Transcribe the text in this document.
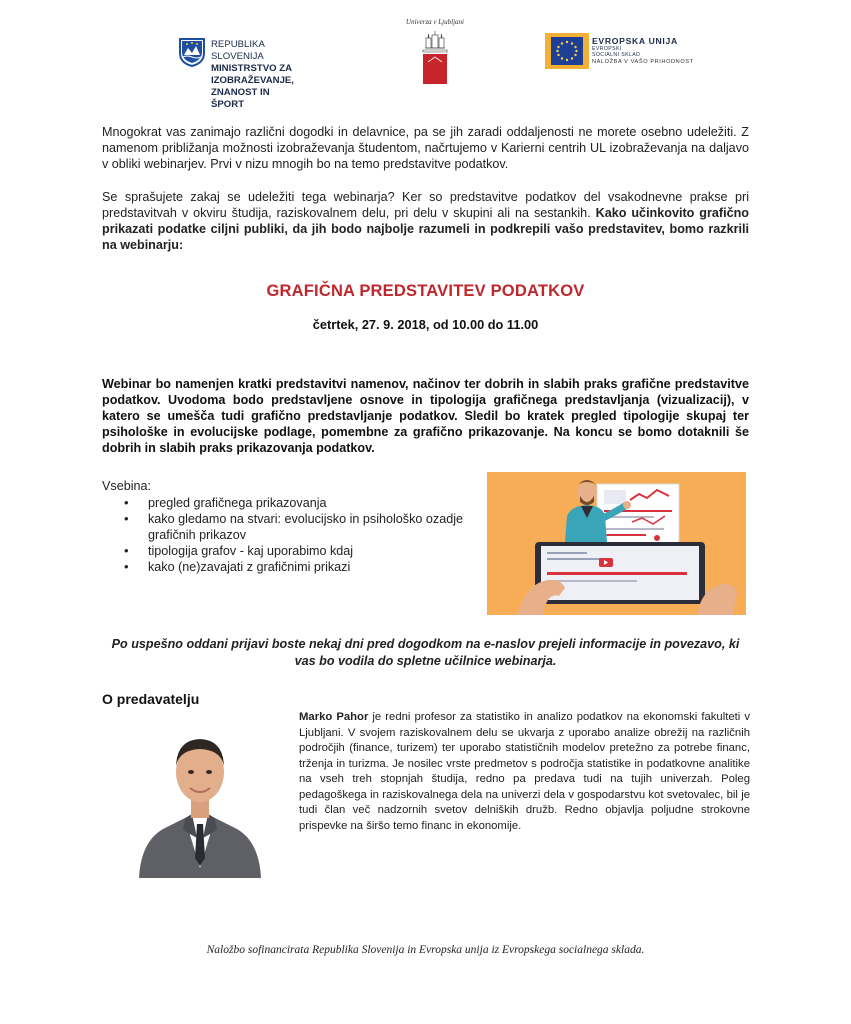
REPUBLIKA SLOVENIJA
MINISTRSTVO ZA IZOBRAŽEVANJE,
ZNANOST IN ŠPORT
Univerza v Ljubljani
EVROPSKA UNIJA
EVROPSKI
SOCIALNI SKLAD
NALOŽBA V VAŠO PRIHODNOST
Mnogokrat vas zanimajo različni dogodki in delavnice, pa se jih zaradi oddaljenosti ne morete osebno udeležiti. Z namenom približanja možnosti izobraževanja študentom, načrtujemo v Karierni centrih UL izobraževanja na daljavo v obliki webinarjev. Prvi v nizu mnogih bo na temo predstavitve podatkov.
Se sprašujete zakaj se udeležiti tega webinarja? Ker so predstavitve podatkov del vsakodnevne prakse pri predstavitvah v okviru študija, raziskovalnem delu, pri delu v skupini ali na sestankih. Kako učinkovito grafično prikazati podatke ciljni publiki, da jih bodo najbolje razumeli in podkrepili vašo predstavitev, bomo razkrili na webinarju:
GRAFIČNA PREDSTAVITEV PODATKOV
četrtek, 27. 9. 2018, od 10.00 do 11.00
Webinar bo namenjen kratki predstavitvi namenov, načinov ter dobrih in slabih praks grafične predstavitve podatkov. Uvodoma bodo predstavljene osnove in tipologija grafičnega predstavljanja (vizualizacij), v katero se umešča tudi grafično predstavljanje podatkov. Sledil bo kratek pregled tipologije skupaj ter psihološke in evolucijske podlage, pomembne za grafično prikazovanje. Na koncu se bomo dotaknili še dobrih in slabih praks prikazovanja podatkov.
Vsebina:
• pregled grafičnega prikazovanja
• kako gledamo na stvari: evolucijsko in psihološko ozadje grafičnih prikazov
• tipologija grafov - kaj uporabimo kdaj
• kako (ne)zavajati z grafičnimi prikazi
Po uspešno oddani prijavi boste nekaj dni pred dogodkom na e-naslov prejeli informacije in povezavo, ki vas bo vodila do spletne učilnice webinarja.
O predavatelju
Marko Pahor je redni profesor za statistiko in analizo podatkov na ekonomski fakulteti v Ljubljani. V svojem raziskovalnem delu se ukvarja z uporabo analize obrežij na različnih področjih (finance, turizem) ter uporabo statističnih modelov pretežno za potrebe financ, trženja in turizma. Je nosilec vrste predmetov s področja statistike in podatkovne analitike na vseh treh stopnjah študija, redno pa predava tudi na tujih univerzah. Poleg pedagoškega in raziskovalnega dela na univerzi dela v gospodarstvu kot svetovalec, bil je tudi član več nadzornih svetov delniških družb. Redno objavlja poljudne strokovne prispevke na širšo temo financ in ekonomije.
Naložbo sofinancirata Republika Slovenija in Evropska unija iz Evropskega socialnega sklada.
